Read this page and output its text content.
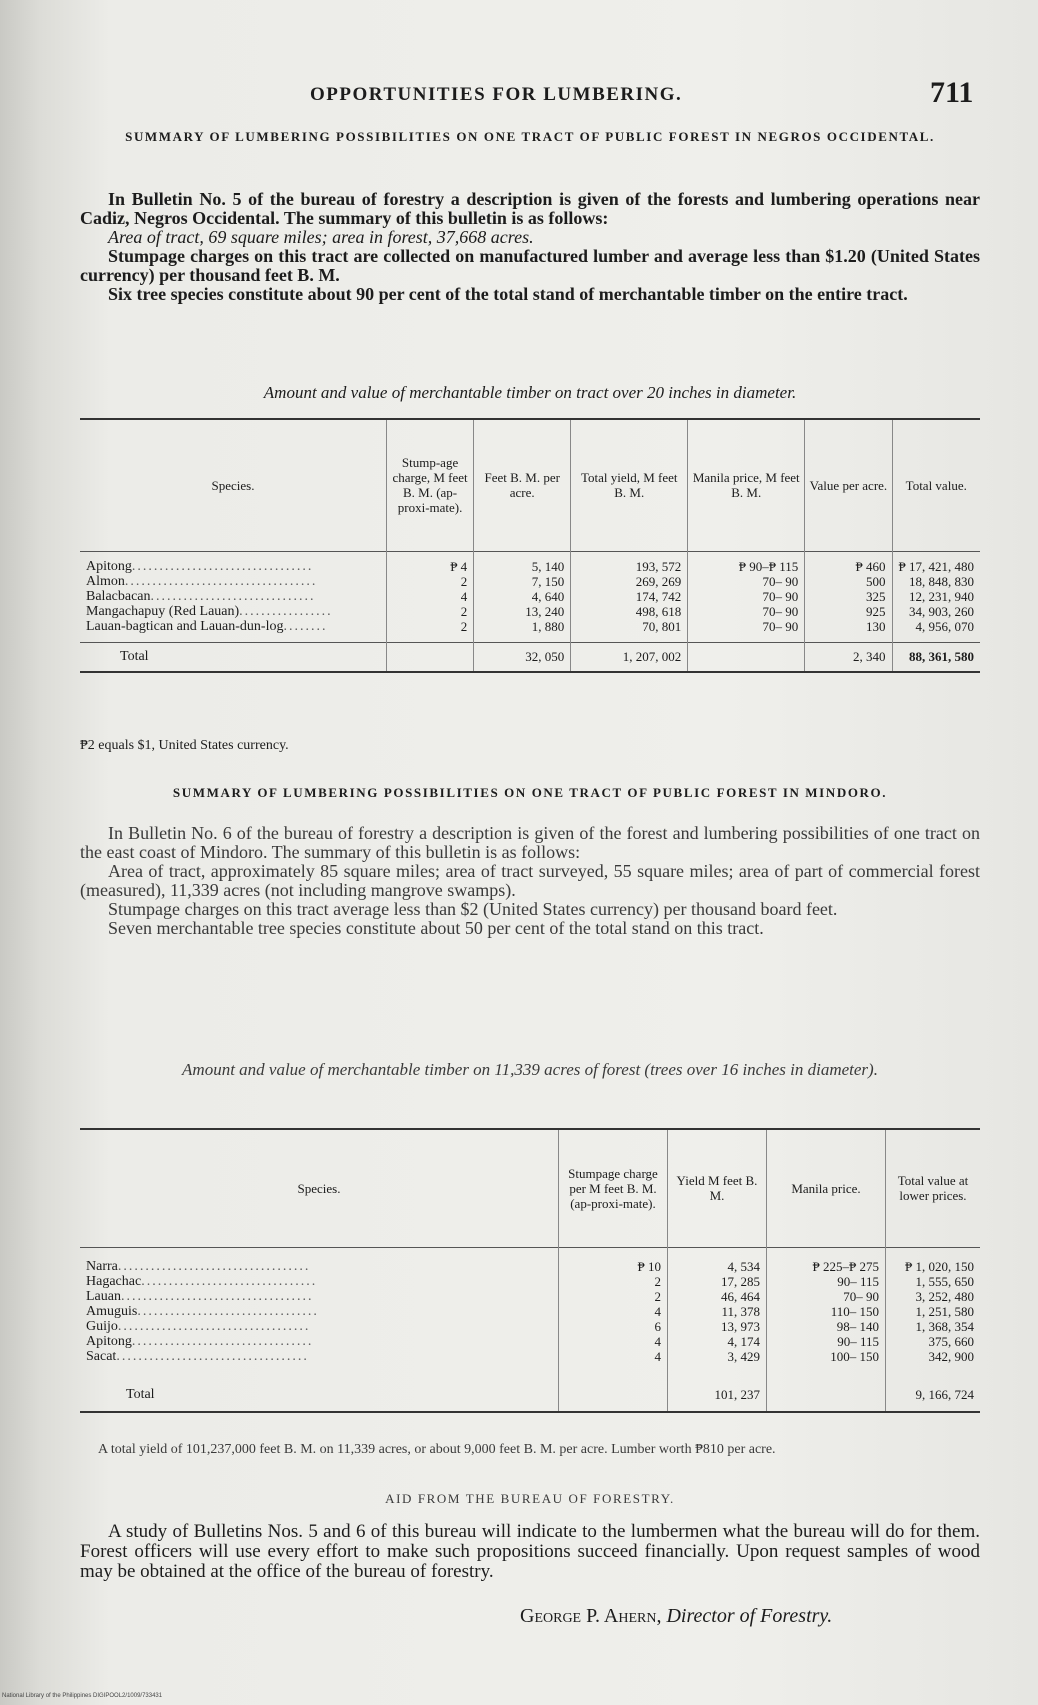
OPPORTUNITIES FOR LUMBERING.	711
SUMMARY OF LUMBERING POSSIBILITIES ON ONE TRACT OF PUBLIC FOREST IN NEGROS OCCIDENTAL.

In Bulletin No. 5 of the bureau of forestry a description is given of the forests and lumbering operations near Cadiz, Negros Occidental. The summary of this bulletin is as follows:

Area of tract, 69 square miles; area in forest, 37,668 acres.

Stumpage charges on this tract are collected on manufactured lumber and average less than $1.20 (United States currency) per thousand feet B. M.

Six tree species constitute about 90 per cent of the total stand of merchantable timber on the entire tract.

Amount and value of merchantable timber on tract over 20 inches in diameter.
Species.	Stump-age charge, M feet B. M. (ap-proxi-mate).	Feet B. M. per acre.	Total yield, M feet B. M.	Manila price, M feet B. M.	Value per acre.	Total value.

Apitong.................................	₱ 4	5, 140	193, 572	₱ 90–₱ 115	₱ 460	₱ 17, 421, 480
Almon...................................	2	7, 150	269, 269	70– 90	500	18, 848, 830
Balacbacan..............................	4	4, 640	174, 742	70– 90	325	12, 231, 940
Mangachapuy (Red Lauan).................	2	13, 240	498, 618	70– 90	925	34, 903, 260
Lauan-bagtican and Lauan-dun-log........	2	1, 880	70, 801	70– 90	130	4, 956, 070

Total		32, 050	1, 207, 002		2, 340	88, 361, 580
₱2 equals $1, United States currency.
SUMMARY OF LUMBERING POSSIBILITIES ON ONE TRACT OF PUBLIC FOREST IN MINDORO.

In Bulletin No. 6 of the bureau of forestry a description is given of the forest and lumbering possibilities of one tract on the east coast of Mindoro. The summary of this bulletin is as follows:

Area of tract, approximately 85 square miles; area of tract surveyed, 55 square miles; area of part of commercial forest (measured), 11,339 acres (not including mangrove swamps).

Stumpage charges on this tract average less than $2 (United States currency) per thousand board feet.

Seven merchantable tree species constitute about 50 per cent of the total stand on this tract.

Amount and value of merchantable timber on 11,339 acres of forest (trees over 16 inches in diameter).
Species.	Stumpage charge per M feet B. M. (ap-proxi-mate).	Yield M feet B. M.	Manila price.	Total value at lower prices.

Narra...................................	₱ 10	4, 534	₱ 225–₱ 275	₱ 1, 020, 150
Hagachac................................	2	17, 285	90– 115	1, 555, 650
Lauan...................................	2	46, 464	70– 90	3, 252, 480
Amuguis.................................	4	11, 378	110– 150	1, 251, 580
Guijo...................................	6	13, 973	98– 140	1, 368, 354
Apitong.................................	4	4, 174	90– 115	375, 660
Sacat...................................	4	3, 429	100– 150	342, 900

Total		101, 237		9, 166, 724
A total yield of 101,237,000 feet B. M. on 11,339 acres, or about 9,000 feet B. M. per acre. Lumber worth ₱810 per acre.
AID FROM THE BUREAU OF FORESTRY.

A study of Bulletins Nos. 5 and 6 of this bureau will indicate to the lumbermen what the bureau will do for them. Forest officers will use every effort to make such propositions succeed financially. Upon request samples of wood may be obtained at the office of the bureau of forestry.

George P. Ahern, Director of Forestry.
National Library of the Philippines DIGIPOOL2/1009/733431
